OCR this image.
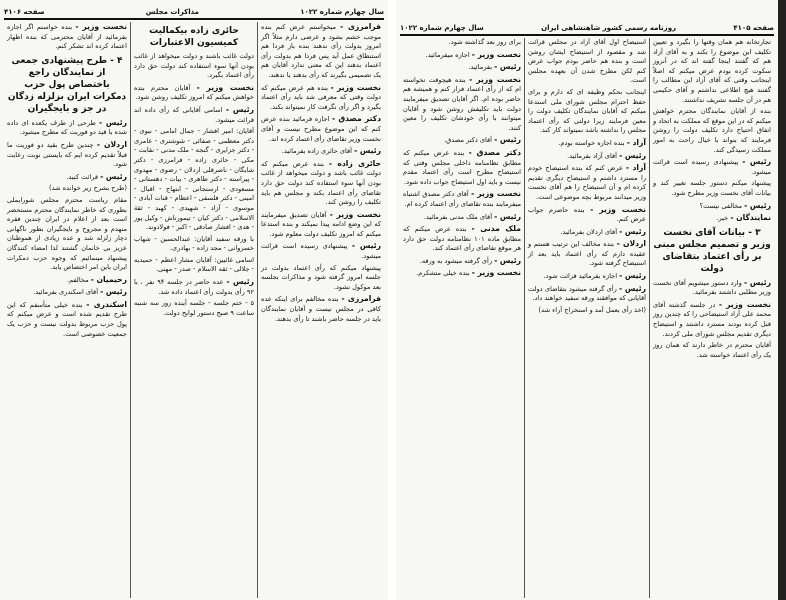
سال چهارم شماره ۱۰۲۲
مذاکرات مجلس
صفحه ۴۱۰۶

فرامرزی - میخواستم عرض کنم بنده موجب خشم بشود و عرضی دارم مثلاً اگر امروز بدولت رأی ندهند بنده باز فردا هم استنطاق عمل آید پس فردا هم بدولت رأی اعتماد بدهند این که معنی ندارد آقایان هم یک تصمیمی بگیرند که رأی بدهند یا ندهند.

نخست وزیر - بنده هم عرض میکنم که دولت وقتی که معرفی شد باید رأی اعتماد بگیرد و اگر رأی نگرفت کار نمیتواند بکند.

دکتر مصدق - اجازه فرمائید بنده عرض کنم که این موضوع مطرح نیست و آقای نخست وزیر تقاضای رأی اعتماد کرده اند.

رئیس - آقای حائری زاده بفرمائید.

حائری زاده - بنده عرض میکنم که دولت غائب باشد و دولت میخواهد از غائب بودن آنها سوء استفاده کند دولت حق دارد تقاضای رأی اعتماد بکند و مجلس هم باید تکلیف را روشن کند.

نخست وزیر - آقایان تصدیق میفرمایند که این وضع ادامه پیدا نمیکند و بنده استدعا میکنم که امروز تکلیف دولت معلوم شود.

رئیس - پیشنهادی رسیده است قرائت میشود.

پیشنهاد میکنم که رأی اعتماد بدولت در جلسه امروز گرفته شود و مذاکرات بجلسه بعد موکول نشود.

فرامرزی - بنده مخالفم برای اینکه عده کافی در مجلس نیست و آقایان نمایندگان باید در جلسه حاضر باشند تا رأی بدهند.

حائری زاده بیکمالیت کمیسیون الاعتبارات

دولت غائب باشند و دولت میخواهد از غائب بودن آنها سوء استفاده کند دولت حق دارد رأی اعتماد بگیرد.

نخست وزیر - آقایان محترم بنده خواهش میکنم که امروز تکلیف روشن شود.

رئیس - اسامی آقایانی که رأی داده اند قرائت میشود.

آقایان: امیر افشار - جمال امامی - نبوی - دکتر معظمی - صفائی - شوشتری - عامری - دکتر جزایری - گنجه - ملک مدنی - نقابت - مکی - حائری زاده - فرامرزی - دکتر شایگان - ناصرقلی اردلان - رضوی - مهدوی - پیراسته - دکتر طاهری - بیات - دهستانی - مسعودی - ارسنجانی - ابتهاج - اقبال - امینی - دکتر فلسفی - اعظام - قنات آبادی - موسوی - آزاد - شهیدی - کهبد - ثقة الاسلامی - دکتر کیان - تیمورتاش - وکیل پور - هدی - افشار صادقی - اکبر - فولادوند.

با ورقه سفید آقایان: عبدالحسین - شهاب خسروانی - مجد زاده - بهادری.

اسامی غائبین: آقایان مشار اعظم - حمیدیه - جلالی - ثقه الاسلام - صدر - مهنی.

رئیس - عده حاضر در جلسه ۹۴ نفر ، با ۹۲ رأی بدولت رأی اعتماد داده شد.

۵ - ختم جلسه - جلسه آینده روز سه شنبه ساعت ۹ صبح دستور لوایح دولت.

نخست وزیر - بنده خواستم اگر اجازه بفرمائید از آقایان محترمی که بنده اظهار اعتماد کرده اند تشکر کنم.

۴ - طرح پیشنهادی جمعی از نمایندگان راجع باختصاص پول حزب دمکرات ایران بزلزله زدگان در جز و بایجگیران

رئیس - طرحی از طرف یکعده ای داده شده با قید دو فوریت که مطرح میشود.

اردلان - چندین طرح بقید دو فوریت ما قبلاً تقدیم کرده ایم که بایستی نوبت رعایت شود.

رئیس - قرائت کنید.

(طرح بشرح زیر خوانده شد)

مقام ریاست محترم مجلس شورایملی بطوری که خاطر نمایندگان محترم مستحضر است بعد از اعلام در ایران چندین فقره منهدم و مجروح و بایجگیران بطور ناگهانی دچار زلزله شد و عده زیادی از هموطنان عزیز بی خانمان گشتند لذا امضاء کنندگان پیشنهاد مینمائیم که وجوه حزب دمکرات ایران باین امر اختصاص یابد.

رحیمیان - مخالفم.

رئیس - آقای اسکندری بفرمائید.

اسکندری - بنده خیلی متأسفم که این طرح تقدیم شده است و عرض میکنم که پول حزب مربوط بدولت نیست و حزب یک جمعیت خصوصی است.

صفحه ۴۱۰۵
روزنامه رسمی کشور شاهنشاهی ایران
سال چهارم شماره ۱۰۲۲

تجارتخانه هم همان وقتها را بگیرد و تعیین تکلیف این موضوع را بکند و به آقای آزاد هم که گفتند اینجا گفته اند که در آنروز سکوت کرده بودم عرض میکنم که اصلاً اینجانب وقتی که آقای آزاد این مطالب را گفتند هیچ اطلاعی نداشتم و آقای حکیمی هم در آن جلسه تشریف نداشتند.

بنده از آقایان نمایندگان محترم خواهش میکنم که در این موقع که مملکت به اتحاد و اتفاق احتیاج دارد تکلیف دولت را روشن فرمایند که بتواند با خیال راحت به امور مملکت رسیدگی کند.

رئیس - پیشنهادی رسیده است قرائت میشود.

پیشنهاد میکنم دستور جلسه تغییر کند و بیانات آقای نخست وزیر مطرح شود.

رئیس - مخالفی نیست؟

نمایندگان - خیر.

۳ - بیانات آقای نخست وزیر و تصمیم مجلس مبنی بر رأی اعتماد بتقاضای دولت

رئیس - وارد دستور میشویم آقای نخست وزیر مطلبی داشتند بفرمائید.

نخست وزیر - در جلسه گذشته آقای محمد علی آزاد استیضاحی را که چندین روز قبل کرده بودند مسترد داشتند و استیضاح دیگری تقدیم مجلس شورای ملی کردند.

آقایان محترم در خاطر دارند که همان روز یک رأی اعتماد خواسته شد.

استیضاح اول آقای آزاد در مجلس قرائت شد و مقصود از استیضاح ایشان روشن است و بنده هم حاضر بودم جواب عرض کنم لکن مطرح شدن آن بعهده مجلس است.

اینجانب بحکم وظیفه ای که دارم و برای حفظ احترام مجلس شورای ملی استدعا میکنم که آقایان نمایندگان تکلیف دولت را معین فرمایند زیرا دولتی که رأی اعتماد مجلس را نداشته باشد نمیتواند کار کند.

آزاد - بنده اجازه خواسته بودم.

رئیس - آقای آزاد بفرمائید.

آزاد - عرض کنم که بنده استیضاح خودم را مسترد داشتم و استیضاح دیگری تقدیم کرده ام و آن استیضاح را هم آقای نخست وزیر میدانند مربوط بچه موضوعی است.

نخست وزیر - بنده حاضرم جواب عرض کنم.

رئیس - آقای اردلان بفرمائید.

اردلان - بنده مخالف این ترتیب هستم و عقیده دارم که رأی اعتماد باید بعد از استیضاح گرفته شود.

رئیس - اجازه بفرمائید قرائت شود.

رئیس - رأی گرفته میشود بتقاضای دولت آقایانی که موافقند ورقه سفید خواهند داد.

(اخذ رأی بعمل آمد و استخراج آراء شد)

برای روز بعد گذاشته شود.

نخست وزیر - اجازه میفرمائید.

رئیس - بفرمائید.

نخست وزیر - بنده هیچوقت نخواسته ام که از رأی اعتماد فرار کنم و همیشه هم حاضر بوده ام. اگر آقایان تصدیق میفرمایند دولت باید تکلیفش روشن شود و آقایان میتوانند با رأی خودشان تکلیف را معین کنند.

رئیس - آقای دکتر مصدق.

دکتر مصدق - بنده عرض میکنم که مطابق نظامنامه داخلی مجلس وقتی که استیضاح مطرح است رأی اعتماد مقدم نیست و باید اول استیضاح جواب داده شود.

نخست وزیر - آقای دکتر مصدق اشتباه میفرمایند بنده تقاضای رأی اعتماد کرده ام.

رئیس - آقای ملک مدنی بفرمائید.

ملک مدنی - بنده عرض میکنم که مطابق ماده ۱۰۱ نظامنامه دولت حق دارد هر موقع تقاضای رأی اعتماد کند.

رئیس - رأی گرفته میشود به ورقه.

نخست وزیر - بنده خیلی متشکرم.
